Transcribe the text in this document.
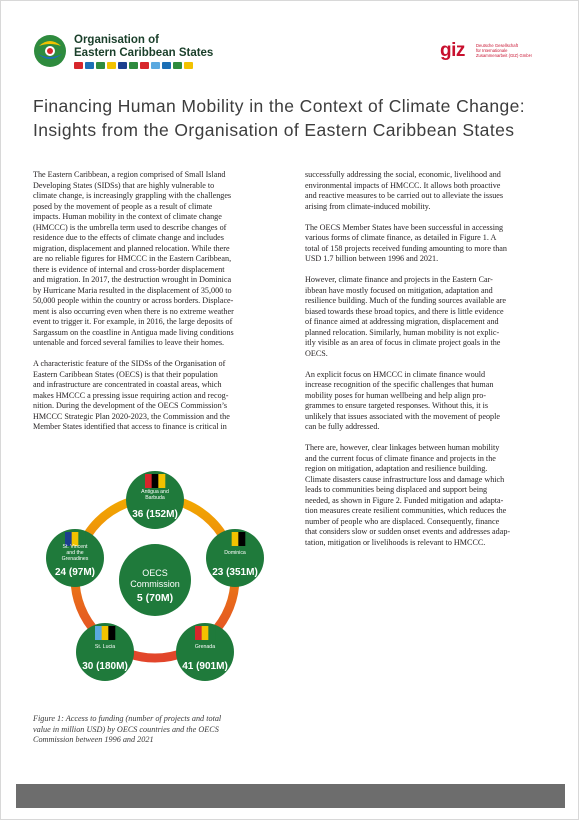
Organisation of
Eastern Caribbean States	giz	Deutsche Gesellschaft
für Internationale
Zusammenarbeit (GIZ) GmbH
Financing Human Mobility in the Context of Climate Change:
Insights from the Organisation of Eastern Caribbean States

The Eastern Caribbean, a region comprised of Small Island
Developing States (SIDSs) that are highly vulnerable to
climate change, is increasingly grappling with the challenges
posed by the movement of people as a result of climate
impacts. Human mobility in the context of climate change
(HMCCC) is the umbrella term used to describe changes of
residence due to the effects of climate change and includes
migration, displacement and planned relocation. While there
are no reliable figures for HMCCC in the Eastern Caribbean,
there is evidence of internal and cross-border displacement
and migration. In 2017, the destruction wrought in Dominica
by Hurricane Maria resulted in the displacement of 35,000 to
50,000 people within the country or across borders. Displace-
ment is also occurring even when there is no extreme weather
event to trigger it. For example, in 2016, the large deposits of
Sargassum on the coastline in Antigua made living conditions
untenable and forced several families to leave their homes.

A characteristic feature of the SIDSs of the Organisation of
Eastern Caribbean States (OECS) is that their population
and infrastructure are concentrated in coastal areas, which
makes HMCCC a pressing issue requiring action and recog-
nition. During the development of the OECS Commission’s
HMCCC Strategic Plan 2020-2023, the Commission and the
Member States identified that access to finance is critical in

successfully addressing the social, economic, livelihood and
environmental impacts of HMCCC. It allows both proactive
and reactive measures to be carried out to alleviate the issues
arising from climate-induced mobility.

The OECS Member States have been successful in accessing
various forms of climate finance, as detailed in Figure 1. A
total of 158 projects received funding amounting to more than
USD 1.7 billion between 1996 and 2021.

However, climate finance and projects in the Eastern Car-
ibbean have mostly focused on mitigation, adaptation and
resilience building. Much of the funding sources available are
biased towards these broad topics, and there is little evidence
of finance aimed at addressing migration, displacement and
planned relocation. Similarly, human mobility is not explic-
itly visible as an area of focus in climate project goals in the
OECS.

An explicit focus on HMCCC in climate finance would
increase recognition of the specific challenges that human
mobility poses for human wellbeing and help align pro-
grammes to ensure targeted responses. Without this, it is
unlikely that issues associated with the movement of people
can be fully addressed.

There are, however, clear linkages between human mobility
and the current focus of climate finance and projects in the
region on mitigation, adaptation and resilience building.
Climate disasters cause infrastructure loss and damage which
leads to communities being displaced and support being
needed, as shown in Figure 2. Funded mitigation and adapta-
tion measures create resilient communities, which reduces the
number of people who are displaced. Consequently, finance
that considers slow or sudden onset events and addresses adap-
tation, mitigation or livelihoods is relevant to HMCCC.

OECS
Commission
5 (70M)
Antigua and
Barbuda
36 (152M)
Dominica
23 (351M)
Grenada
41 (901M)
St. Lucia
30 (180M)
St. Vincent
and the
Grenadines
24 (97M)
Figure 1: Access to funding (number of projects and total
value in million USD) by OECS countries and the OECS
Commission between 1996 and 2021
